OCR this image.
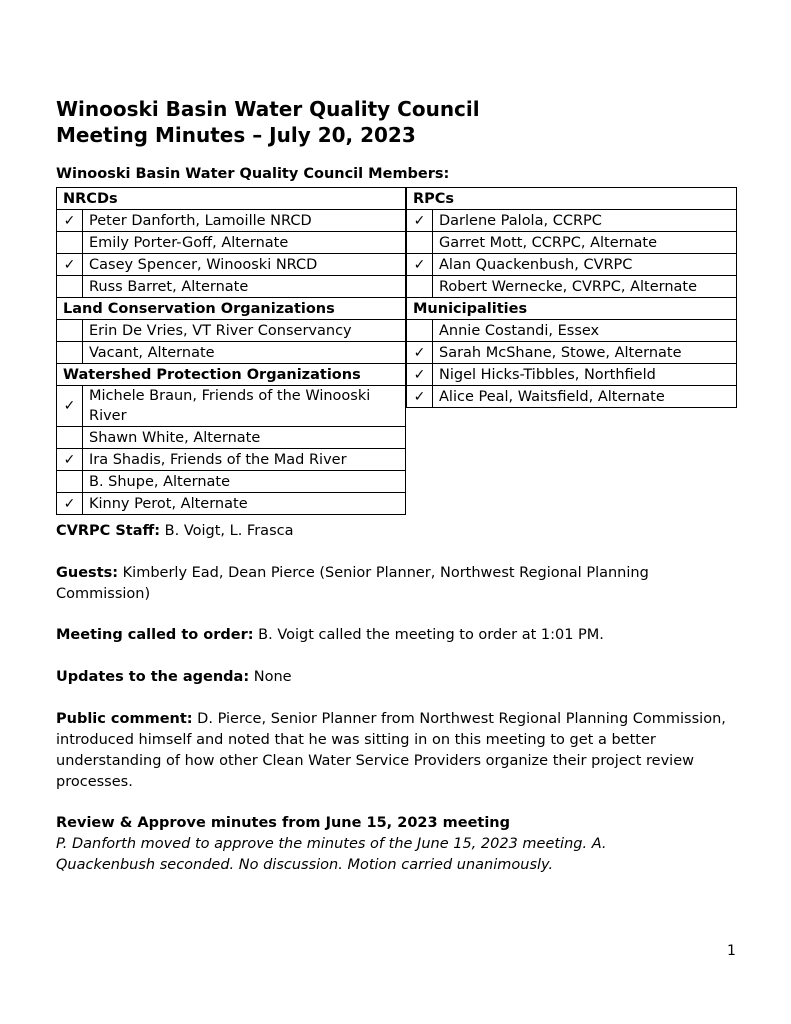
Winooski Basin Water Quality Council
Meeting Minutes – July 20, 2023
Winooski Basin Water Quality Council Members:
NRCDs	
✓	Peter Danforth, Lamoille NRCD
	Emily Porter-Goff, Alternate
✓	Casey Spencer, Winooski NRCD
	Russ Barret, Alternate
Land Conservation Organizations	
	Erin De Vries, VT River Conservancy
	Vacant, Alternate
Watershed Protection Organizations	
✓	Michele Braun, Friends of the Winooski River
	Shawn White, Alternate
✓	Ira Shadis, Friends of the Mad River
	B. Shupe, Alternate
✓	Kinny Perot, Alternate
RPCs	
✓	Darlene Palola, CCRPC
	Garret Mott, CCRPC, Alternate
✓	Alan Quackenbush, CVRPC
	Robert Wernecke, CVRPC, Alternate
Municipalities	
	Annie Costandi, Essex
✓	Sarah McShane, Stowe, Alternate
✓	Nigel Hicks-Tibbles, Northfield
✓	Alice Peal, Waitsfield, Alternate

CVRPC Staff: B. Voigt, L. Frasca

Guests: Kimberly Ead, Dean Pierce (Senior Planner, Northwest Regional Planning Commission)

Meeting called to order: B. Voigt called the meeting to order at 1:01 PM.

Updates to the agenda: None

Public comment: D. Pierce, Senior Planner from Northwest Regional Planning Commission, introduced himself and noted that he was sitting in on this meeting to get a better understanding of how other Clean Water Service Providers organize their project review processes.

Review & Approve minutes from June 15, 2023 meeting

P. Danforth moved to approve the minutes of the June 15, 2023 meeting. A. Quackenbush seconded. No discussion. Motion carried unanimously.

1
